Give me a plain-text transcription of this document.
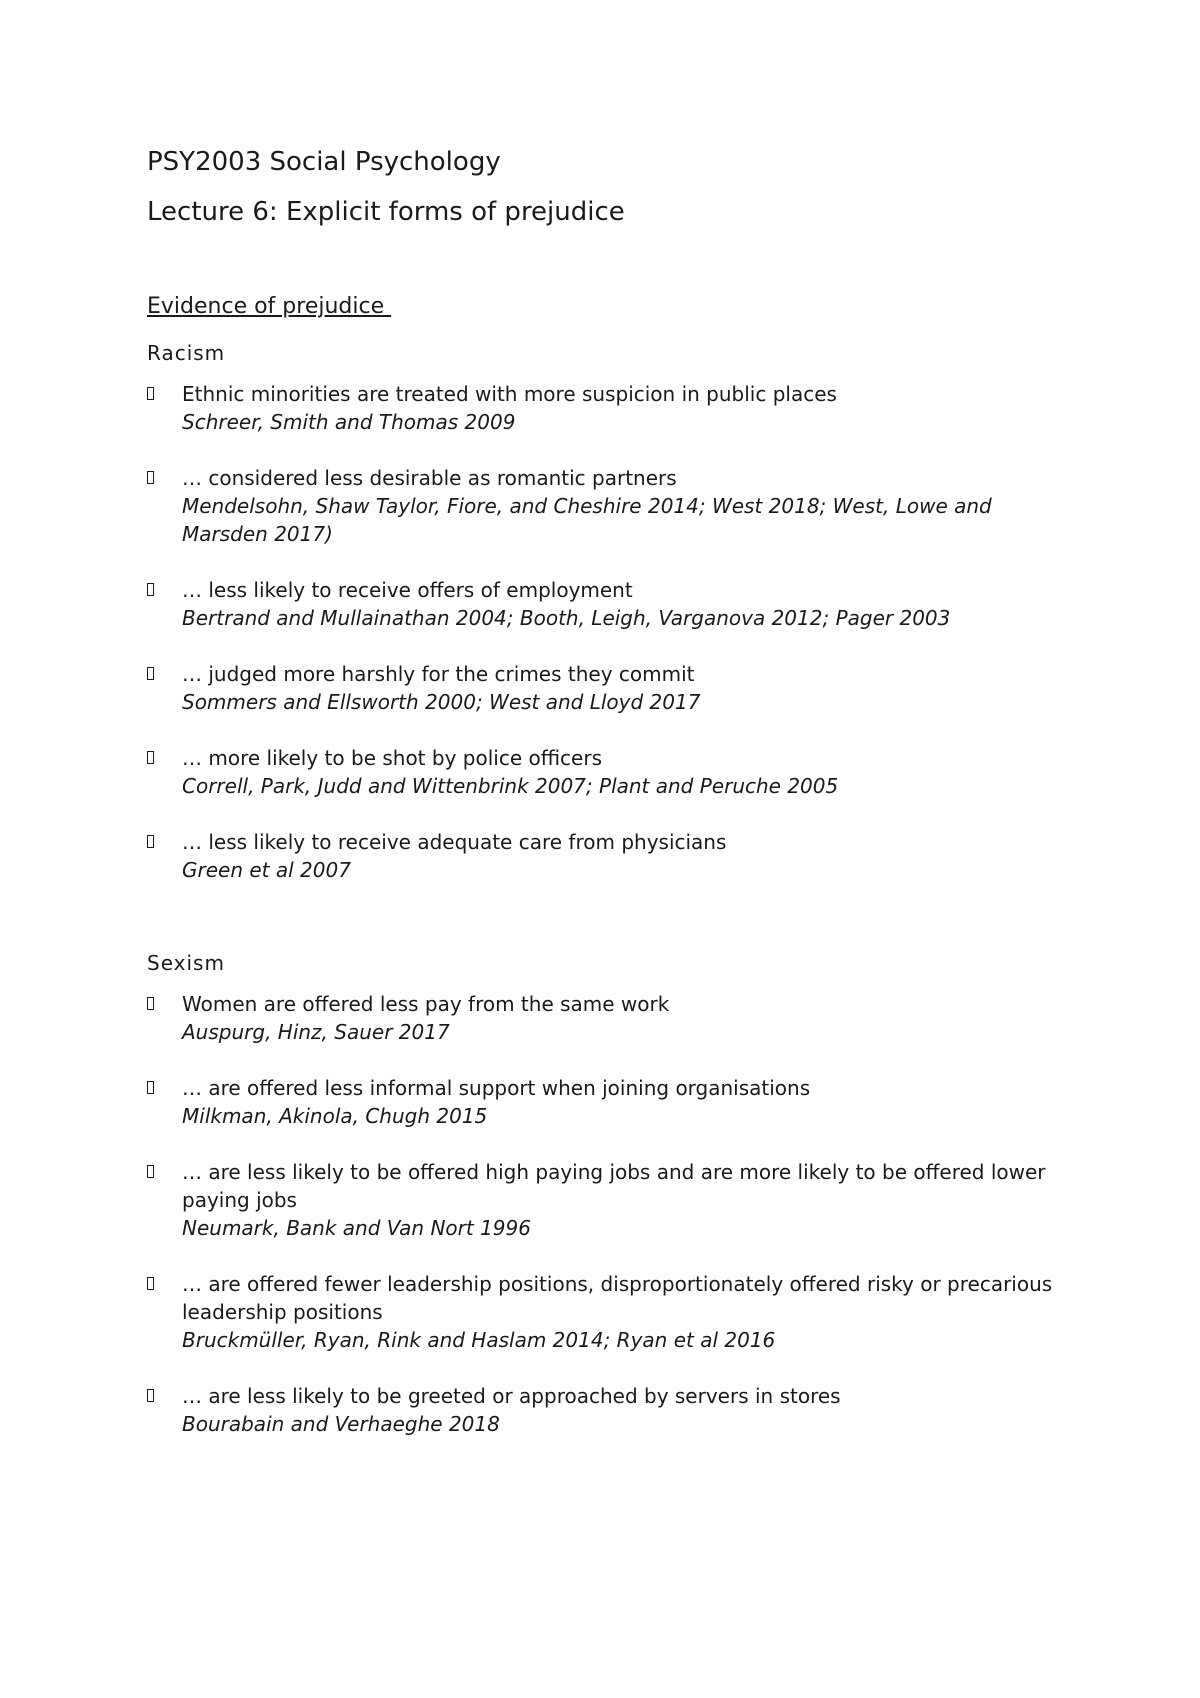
PSY2003 Social Psychology
Lecture 6: Explicit forms of prejudice
Evidence of prejudice
Racism
Ethnic minorities are treated with more suspicion in public places
Schreer, Smith and Thomas 2009
… considered less desirable as romantic partners
Mendelsohn, Shaw Taylor, Fiore, and Cheshire 2014; West 2018; West, Lowe and Marsden 2017)
… less likely to receive offers of employment
Bertrand and Mullainathan 2004; Booth, Leigh, Varganova 2012; Pager 2003
… judged more harshly for the crimes they commit
Sommers and Ellsworth 2000; West and Lloyd 2017
… more likely to be shot by police officers
Correll, Park, Judd and Wittenbrink 2007; Plant and Peruche 2005
… less likely to receive adequate care from physicians
Green et al 2007
Sexism
Women are offered less pay from the same work
Auspurg, Hinz, Sauer 2017
… are offered less informal support when joining organisations
Milkman, Akinola, Chugh 2015
… are less likely to be offered high paying jobs and are more likely to be offered lower paying jobs
Neumark, Bank and Van Nort 1996
… are offered fewer leadership positions, disproportionately offered risky or precarious leadership positions
Bruckmüller, Ryan, Rink and Haslam 2014; Ryan et al 2016
… are less likely to be greeted or approached by servers in stores
Bourabain and Verhaeghe 2018
